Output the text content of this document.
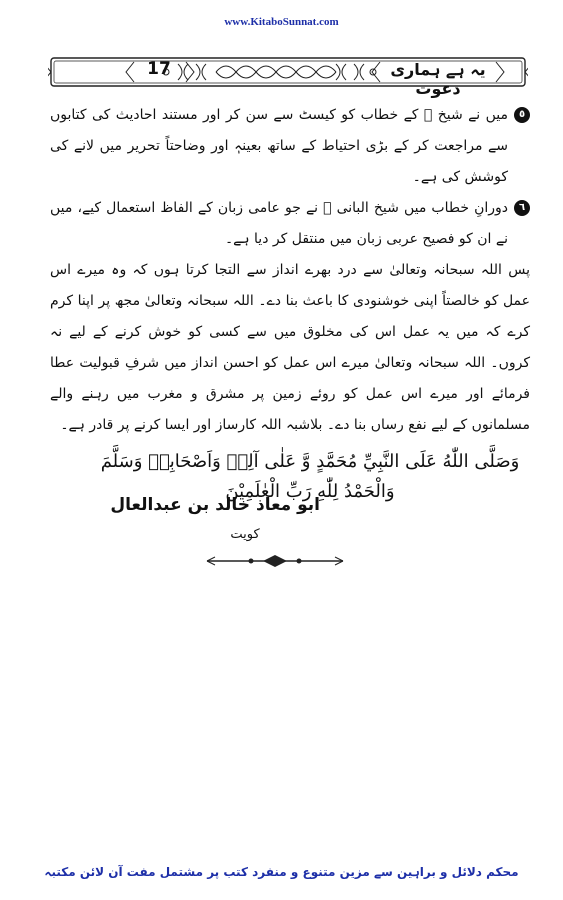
www.KitaboSunnat.com
یہ ہے ہماری دعوت
17
٥
میں نے شیخ ﷫ کے خطاب کو کیسٹ سے سن کر اور مستند احادیث کی کتابوں سے مراجعت کر کے بڑی احتیاط کے ساتھ بعینہٖ اور وضاحتاً تحریر میں لانے کی کوشش کی ہے۔
٦
دورانِ خطاب میں شیخ البانی ﷫ نے جو عامی زبان کے الفاظ استعمال کیے، میں نے ان کو فصیح عربی زبان میں منتقل کر دیا ہے۔
پس اللہ سبحانہ وتعالیٰ سے درد بھرے انداز سے التجا کرتا ہوں کہ وہ میرے اس عمل کو خالصتاً اپنی خوشنودی کا باعث بنا دے۔ اللہ سبحانہ وتعالیٰ مجھ پر اپنا کرم کرے کہ میں یہ عمل اس کی مخلوق میں سے کسی کو خوش کرنے کے لیے نہ کروں۔ اللہ سبحانہ وتعالیٰ میرے اس عمل کو احسن انداز میں شرفِ قبولیت عطا فرمائے اور میرے اس عمل کو روئے زمین پر مشرق و مغرب میں رہنے والے مسلمانوں کے لیے نفع رساں بنا دے۔ بلاشبہ اللہ کارساز اور ایسا کرنے پر قادر ہے۔
وَصَلَّى اللّٰهُ عَلَى النَّبِيِّ مُحَمَّدٍ وَّ عَلٰى آلِهٖ وَاَصْحَابِهٖ وَسَلَّمَ
وَالْحَمْدُ لِلّٰهِ رَبِّ الْعٰلَمِيْنَ
ابو معاذ خالد بن عبدالعال
کویت
محکم دلائل و براہین سے مزین متنوع و منفرد کتب پر مشتمل مفت آن لائن مکتبہ
